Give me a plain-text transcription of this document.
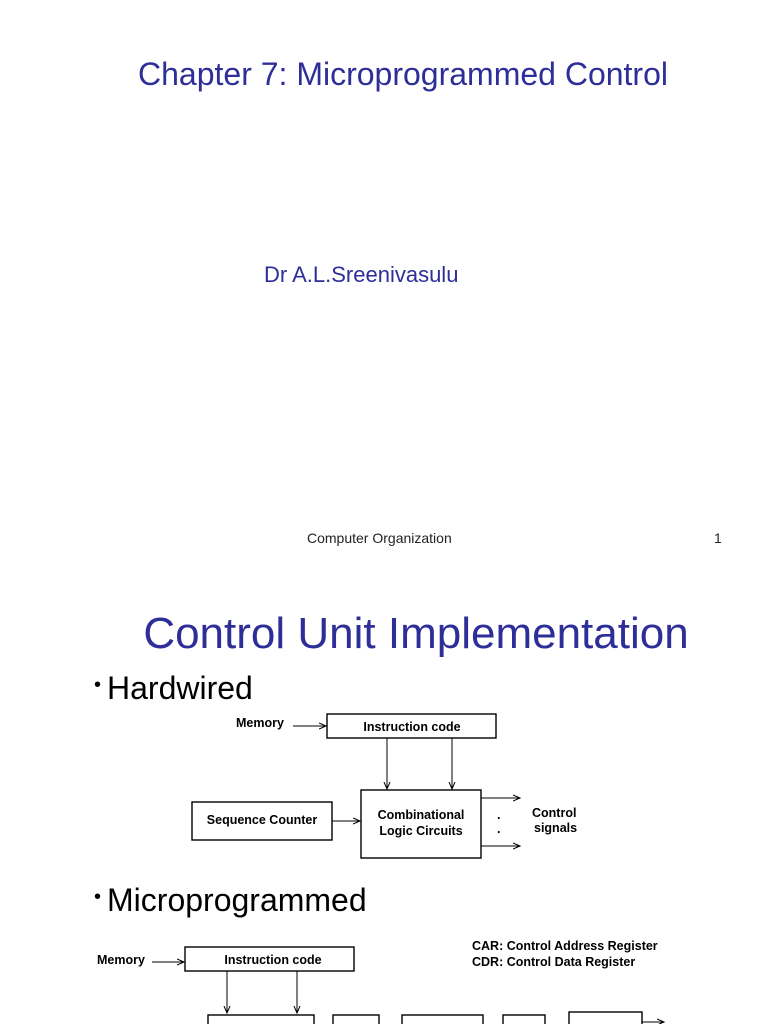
Chapter 7: Microprogrammed Control
Dr A.L.Sreenivasulu
Computer Organization	1
Control Unit Implementation
• Hardwired
• Microprogrammed
Memory	Instruction code
Sequence Counter	Combinational
Logic Circuits
.
.
Control
signals
CAR: Control Address Register
CDR: Control Data Register
Memory	Instruction code
